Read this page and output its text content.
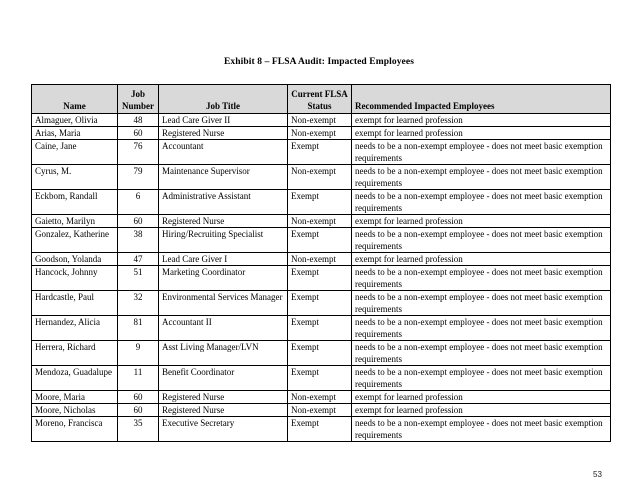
Exhibit 8 – FLSA Audit: Impacted Employees
Name	Job Number	Job Title	Current FLSA Status	Recommended Impacted Employees
Almaguer, Olivia	48	Lead Care Giver II	Non-exempt	exempt for learned profession
Arias, Maria	60	Registered Nurse	Non-exempt	exempt for learned profession
Caine, Jane	76	Accountant	Exempt	needs to be a non-exempt employee - does not meet basic exemption requirements
Cyrus, M.	79	Maintenance Supervisor	Non-exempt	needs to be a non-exempt employee - does not meet basic exemption requirements
Eckbom, Randall	6	Administrative Assistant	Exempt	needs to be a non-exempt employee - does not meet basic exemption requirements
Gaietto, Marilyn	60	Registered Nurse	Non-exempt	exempt for learned profession
Gonzalez, Katherine	38	Hiring/Recruiting Specialist	Exempt	needs to be a non-exempt employee - does not meet basic exemption requirements
Goodson, Yolanda	47	Lead Care Giver I	Non-exempt	exempt for learned profession
Hancock, Johnny	51	Marketing Coordinator	Exempt	needs to be a non-exempt employee - does not meet basic exemption requirements
Hardcastle, Paul	32	Environmental Services Manager	Exempt	needs to be a non-exempt employee - does not meet basic exemption requirements
Hernandez, Alicia	81	Accountant II	Exempt	needs to be a non-exempt employee - does not meet basic exemption requirements
Herrera, Richard	9	Asst Living Manager/LVN	Exempt	needs to be a non-exempt employee - does not meet basic exemption requirements
Mendoza, Guadalupe	11	Benefit Coordinator	Exempt	needs to be a non-exempt employee - does not meet basic exemption requirements
Moore, Maria	60	Registered Nurse	Non-exempt	exempt for learned profession
Moore, Nicholas	60	Registered Nurse	Non-exempt	exempt for learned profession
Moreno, Francisca	35	Executive Secretary	Exempt	needs to be a non-exempt employee - does not meet basic exemption requirements
53
